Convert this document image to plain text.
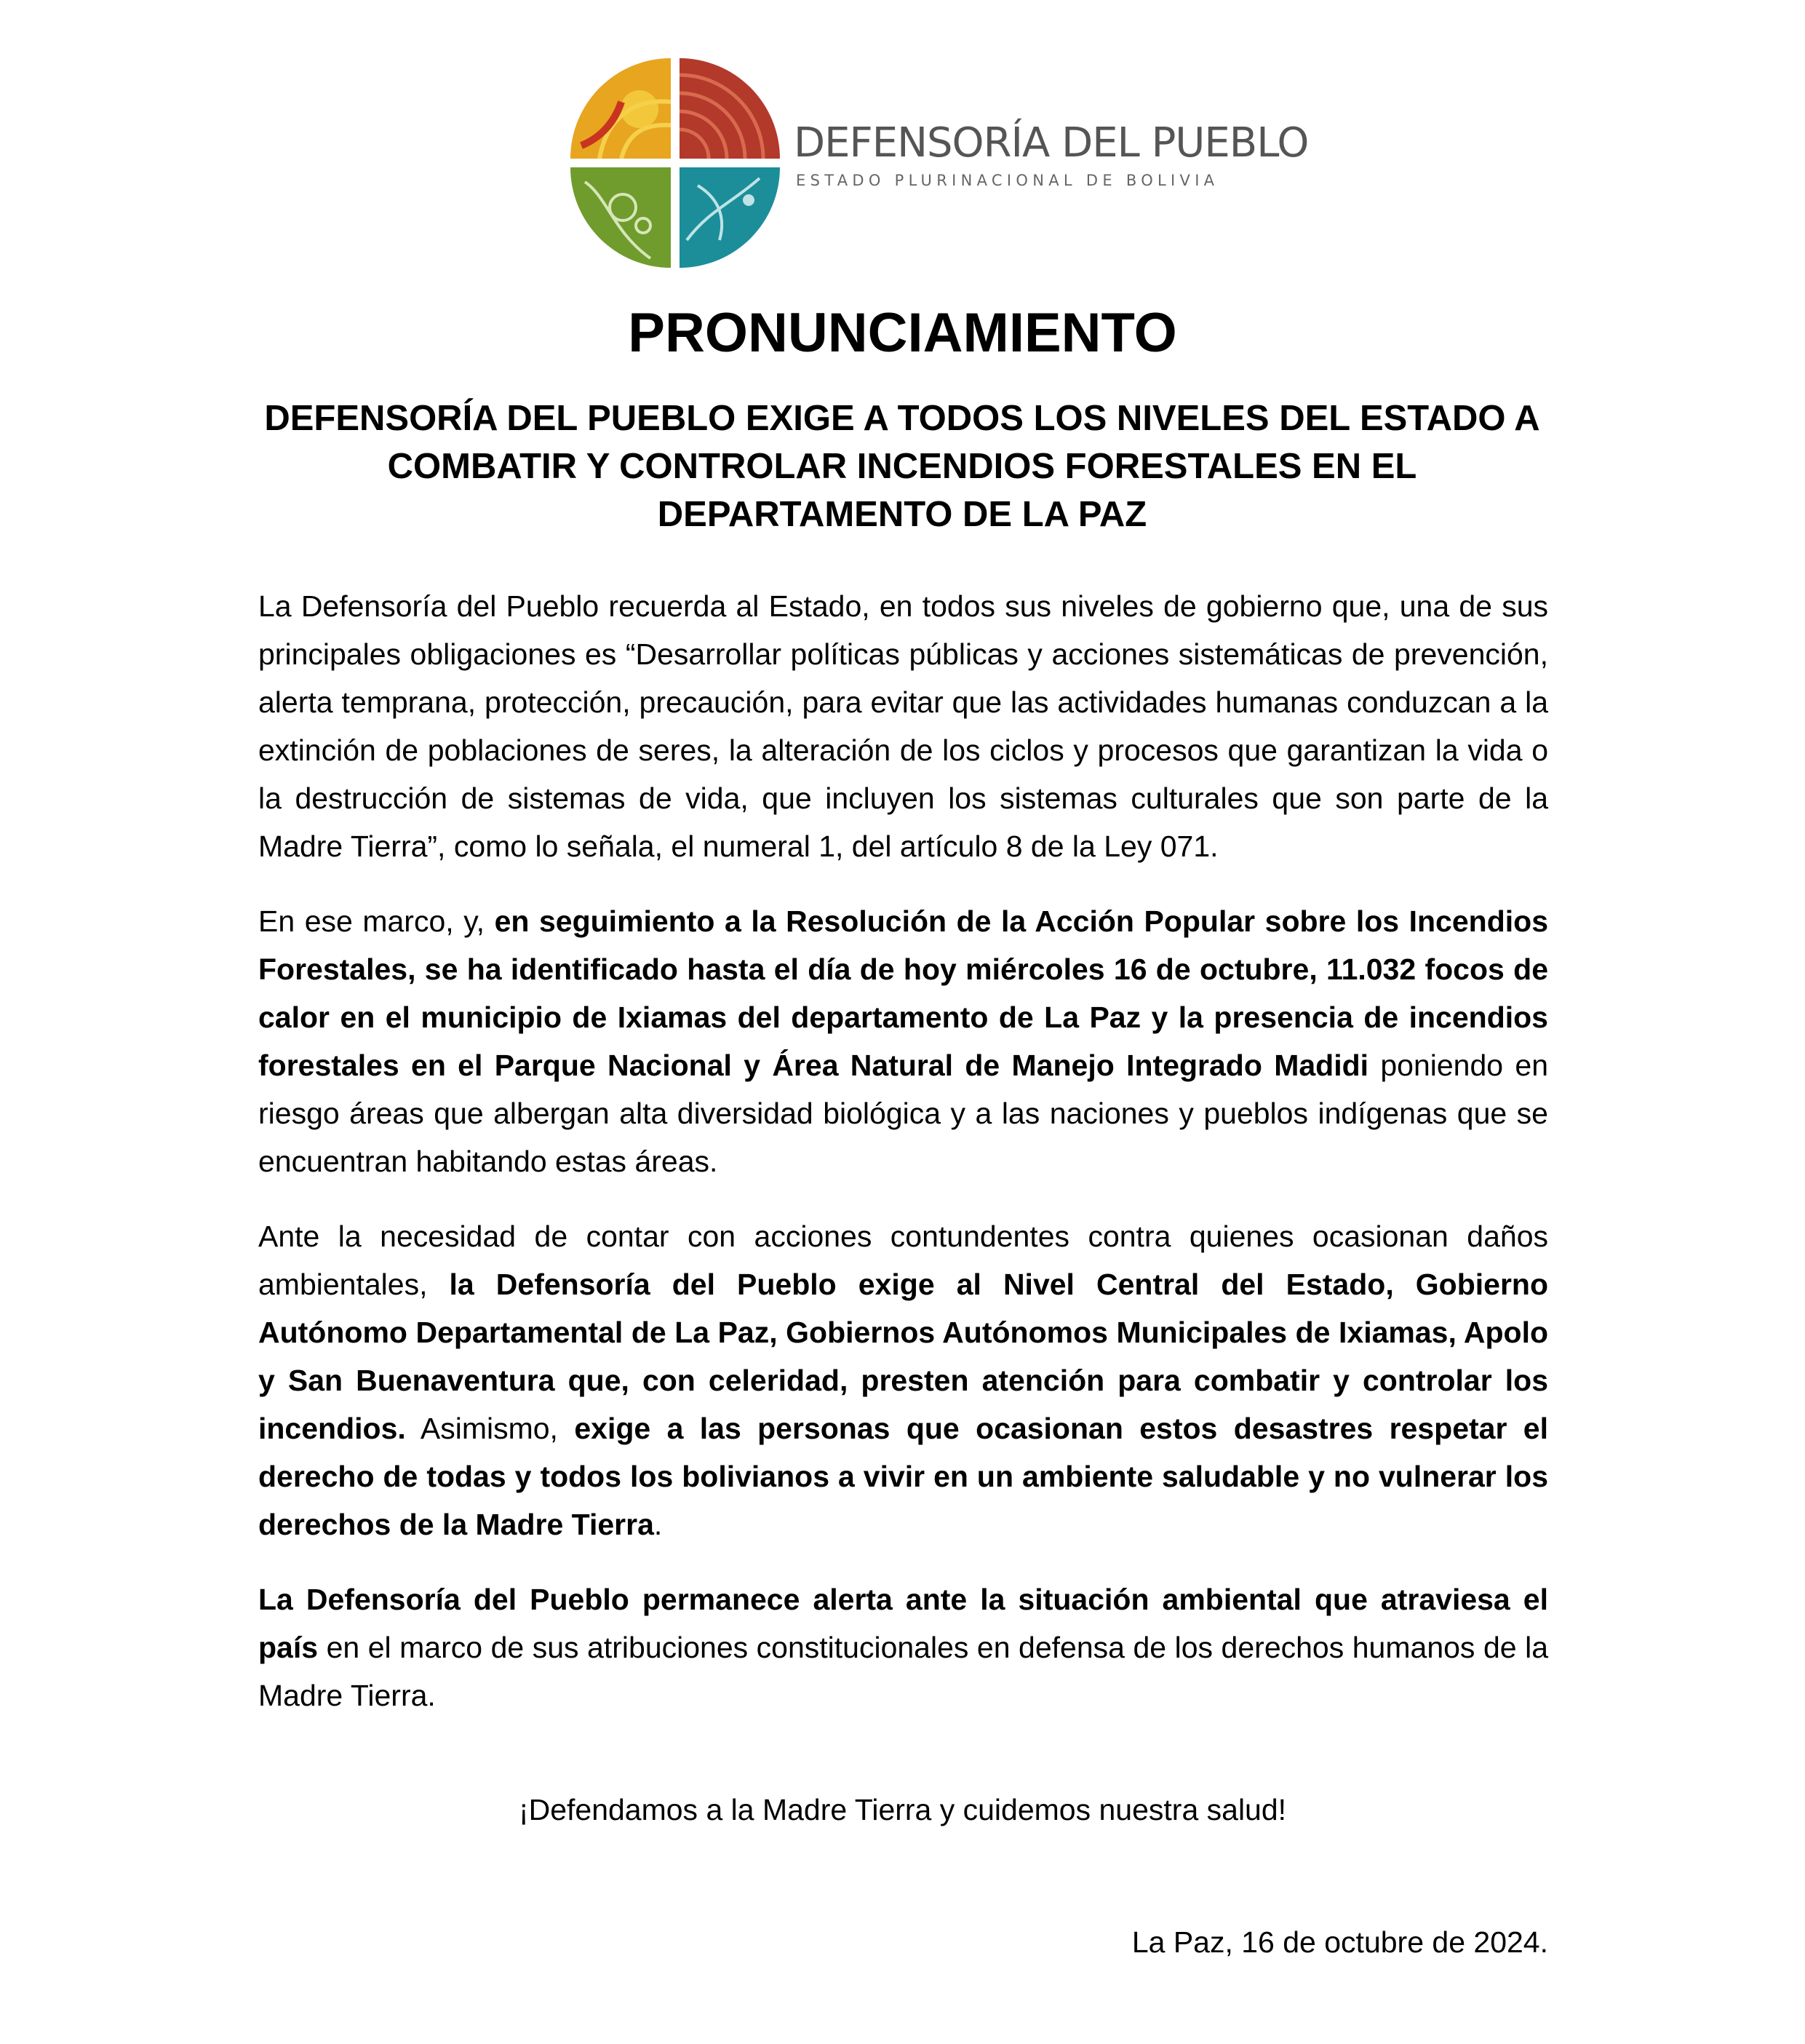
DEFENSORÍA DEL PUEBLO
ESTADO PLURINACIONAL DE BOLIVIA
PRONUNCIAMIENTO
DEFENSORÍA DEL PUEBLO EXIGE A TODOS LOS NIVELES DEL ESTADO A COMBATIR Y CONTROLAR INCENDIOS FORESTALES EN EL DEPARTAMENTO DE LA PAZ

La Defensoría del Pueblo recuerda al Estado, en todos sus niveles de gobierno que, una de sus principales obligaciones es “Desarrollar políticas públicas y acciones sistemáticas de prevención, alerta temprana, protección, precaución, para evitar que las actividades humanas conduzcan a la extinción de poblaciones de seres, la alteración de los ciclos y procesos que garantizan la vida o la destrucción de sistemas de vida, que incluyen los sistemas culturales que son parte de la Madre Tierra”, como lo señala, el numeral 1, del artículo 8 de la Ley 071.

En ese marco, y, en seguimiento a la Resolución de la Acción Popular sobre los Incendios Forestales, se ha identificado hasta el día de hoy miércoles 16 de octubre, 11.032 focos de calor en el municipio de Ixiamas del departamento de La Paz y la presencia de incendios forestales en el Parque Nacional y Área Natural de Manejo Integrado Madidi poniendo en riesgo áreas que albergan alta diversidad biológica y a las naciones y pueblos indígenas que se encuentran habitando estas áreas.

Ante la necesidad de contar con acciones contundentes contra quienes ocasionan daños ambientales, la Defensoría del Pueblo exige al Nivel Central del Estado, Gobierno Autónomo Departamental de La Paz, Gobiernos Autónomos Municipales de Ixiamas, Apolo y San Buenaventura que, con celeridad, presten atención para combatir y controlar los incendios. Asimismo, exige a las personas que ocasionan estos desastres respetar el derecho de todas y todos los bolivianos a vivir en un ambiente saludable y no vulnerar los derechos de la Madre Tierra.

La Defensoría del Pueblo permanece alerta ante la situación ambiental que atraviesa el país en el marco de sus atribuciones constitucionales en defensa de los derechos humanos de la Madre Tierra.

¡Defendamos a la Madre Tierra y cuidemos nuestra salud!

La Paz, 16 de octubre de 2024.
